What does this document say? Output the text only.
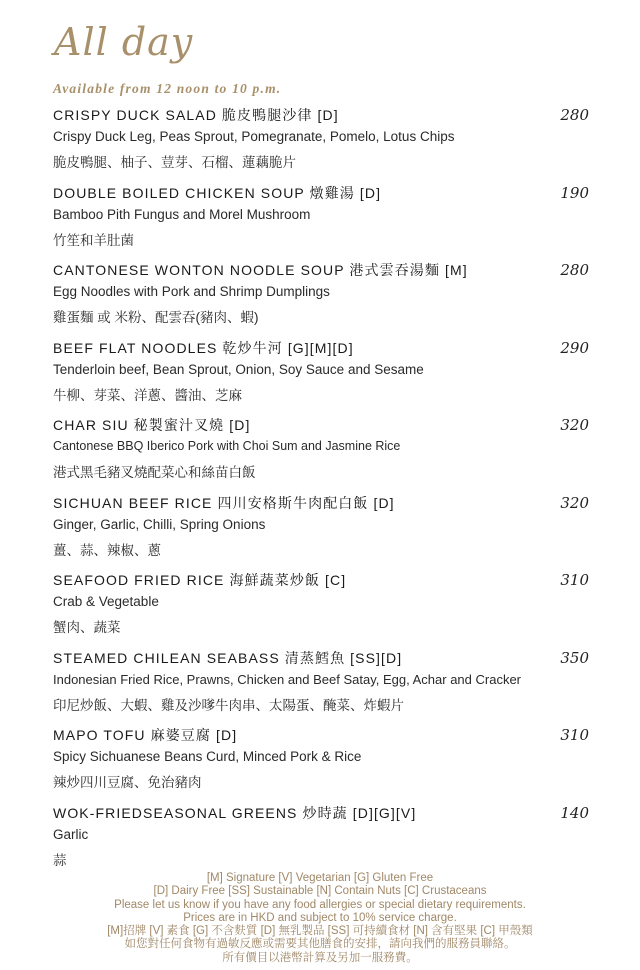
All day
Available from 12 noon to 10 p.m.
CRISPY DUCK SALAD 脆皮鴨腿沙律 [D]	280
Crispy Duck Leg, Peas Sprout, Pomegranate, Pomelo, Lotus Chips
脆皮鴨腿、柚子、荳芽、石榴、蓮藕脆片
DOUBLE BOILED CHICKEN SOUP 燉雞湯 [D]	190
Bamboo Pith Fungus and Morel Mushroom
竹笙和羊肚菌
CANTONESE WONTON NOODLE SOUP 港式雲吞湯麵 [M]	280
Egg Noodles with Pork and Shrimp Dumplings
雞蛋麵 或 米粉、配雲吞(豬肉、蝦)
BEEF FLAT NOODLES 乾炒牛河 [G][M][D]	290
Tenderloin beef, Bean Sprout, Onion, Soy Sauce and Sesame
牛柳、芽菜、洋蔥、醬油、芝麻
CHAR SIU 秘製蜜汁叉燒 [D]	320
Cantonese BBQ Iberico Pork with Choi Sum and Jasmine Rice
港式黑毛豬叉燒配菜心和絲苗白飯
SICHUAN BEEF RICE 四川安格斯牛肉配白飯 [D]	320
Ginger, Garlic, Chilli, Spring Onions
薑、蒜、辣椒、蔥
SEAFOOD FRIED RICE 海鮮蔬菜炒飯 [C]	310
Crab & Vegetable
蟹肉、蔬菜
STEAMED CHILEAN SEABASS 清蒸鱈魚 [SS][D]	350
Indonesian Fried Rice, Prawns, Chicken and Beef Satay, Egg, Achar and Cracker
印尼炒飯、大蝦、雞及沙嗲牛肉串、太陽蛋、醃菜、炸蝦片
MAPO TOFU 麻婆豆腐 [D]	310
Spicy Sichuanese Beans Curd, Minced Pork & Rice
辣炒四川豆腐、免治豬肉
WOK-FRIEDSEASONAL GREENS 炒時蔬 [D][G][V]	140
Garlic
蒜
[M] Signature [V] Vegetarian [G] Gluten Free
[D] Dairy Free [SS] Sustainable [N] Contain Nuts [C] Crustaceans
Please let us know if you have any food allergies or special dietary requirements.
Prices are in HKD and subject to 10% service charge.
[M]招牌 [V] 素食 [G] 不含麩質 [D] 無乳製品 [SS] 可持續食材 [N] 含有堅果 [C] 甲殼類
如您對任何食物有過敏反應或需要其他膳食的安排，請向我們的服務員聯絡。
所有價目以港幣計算及另加一服務費。
